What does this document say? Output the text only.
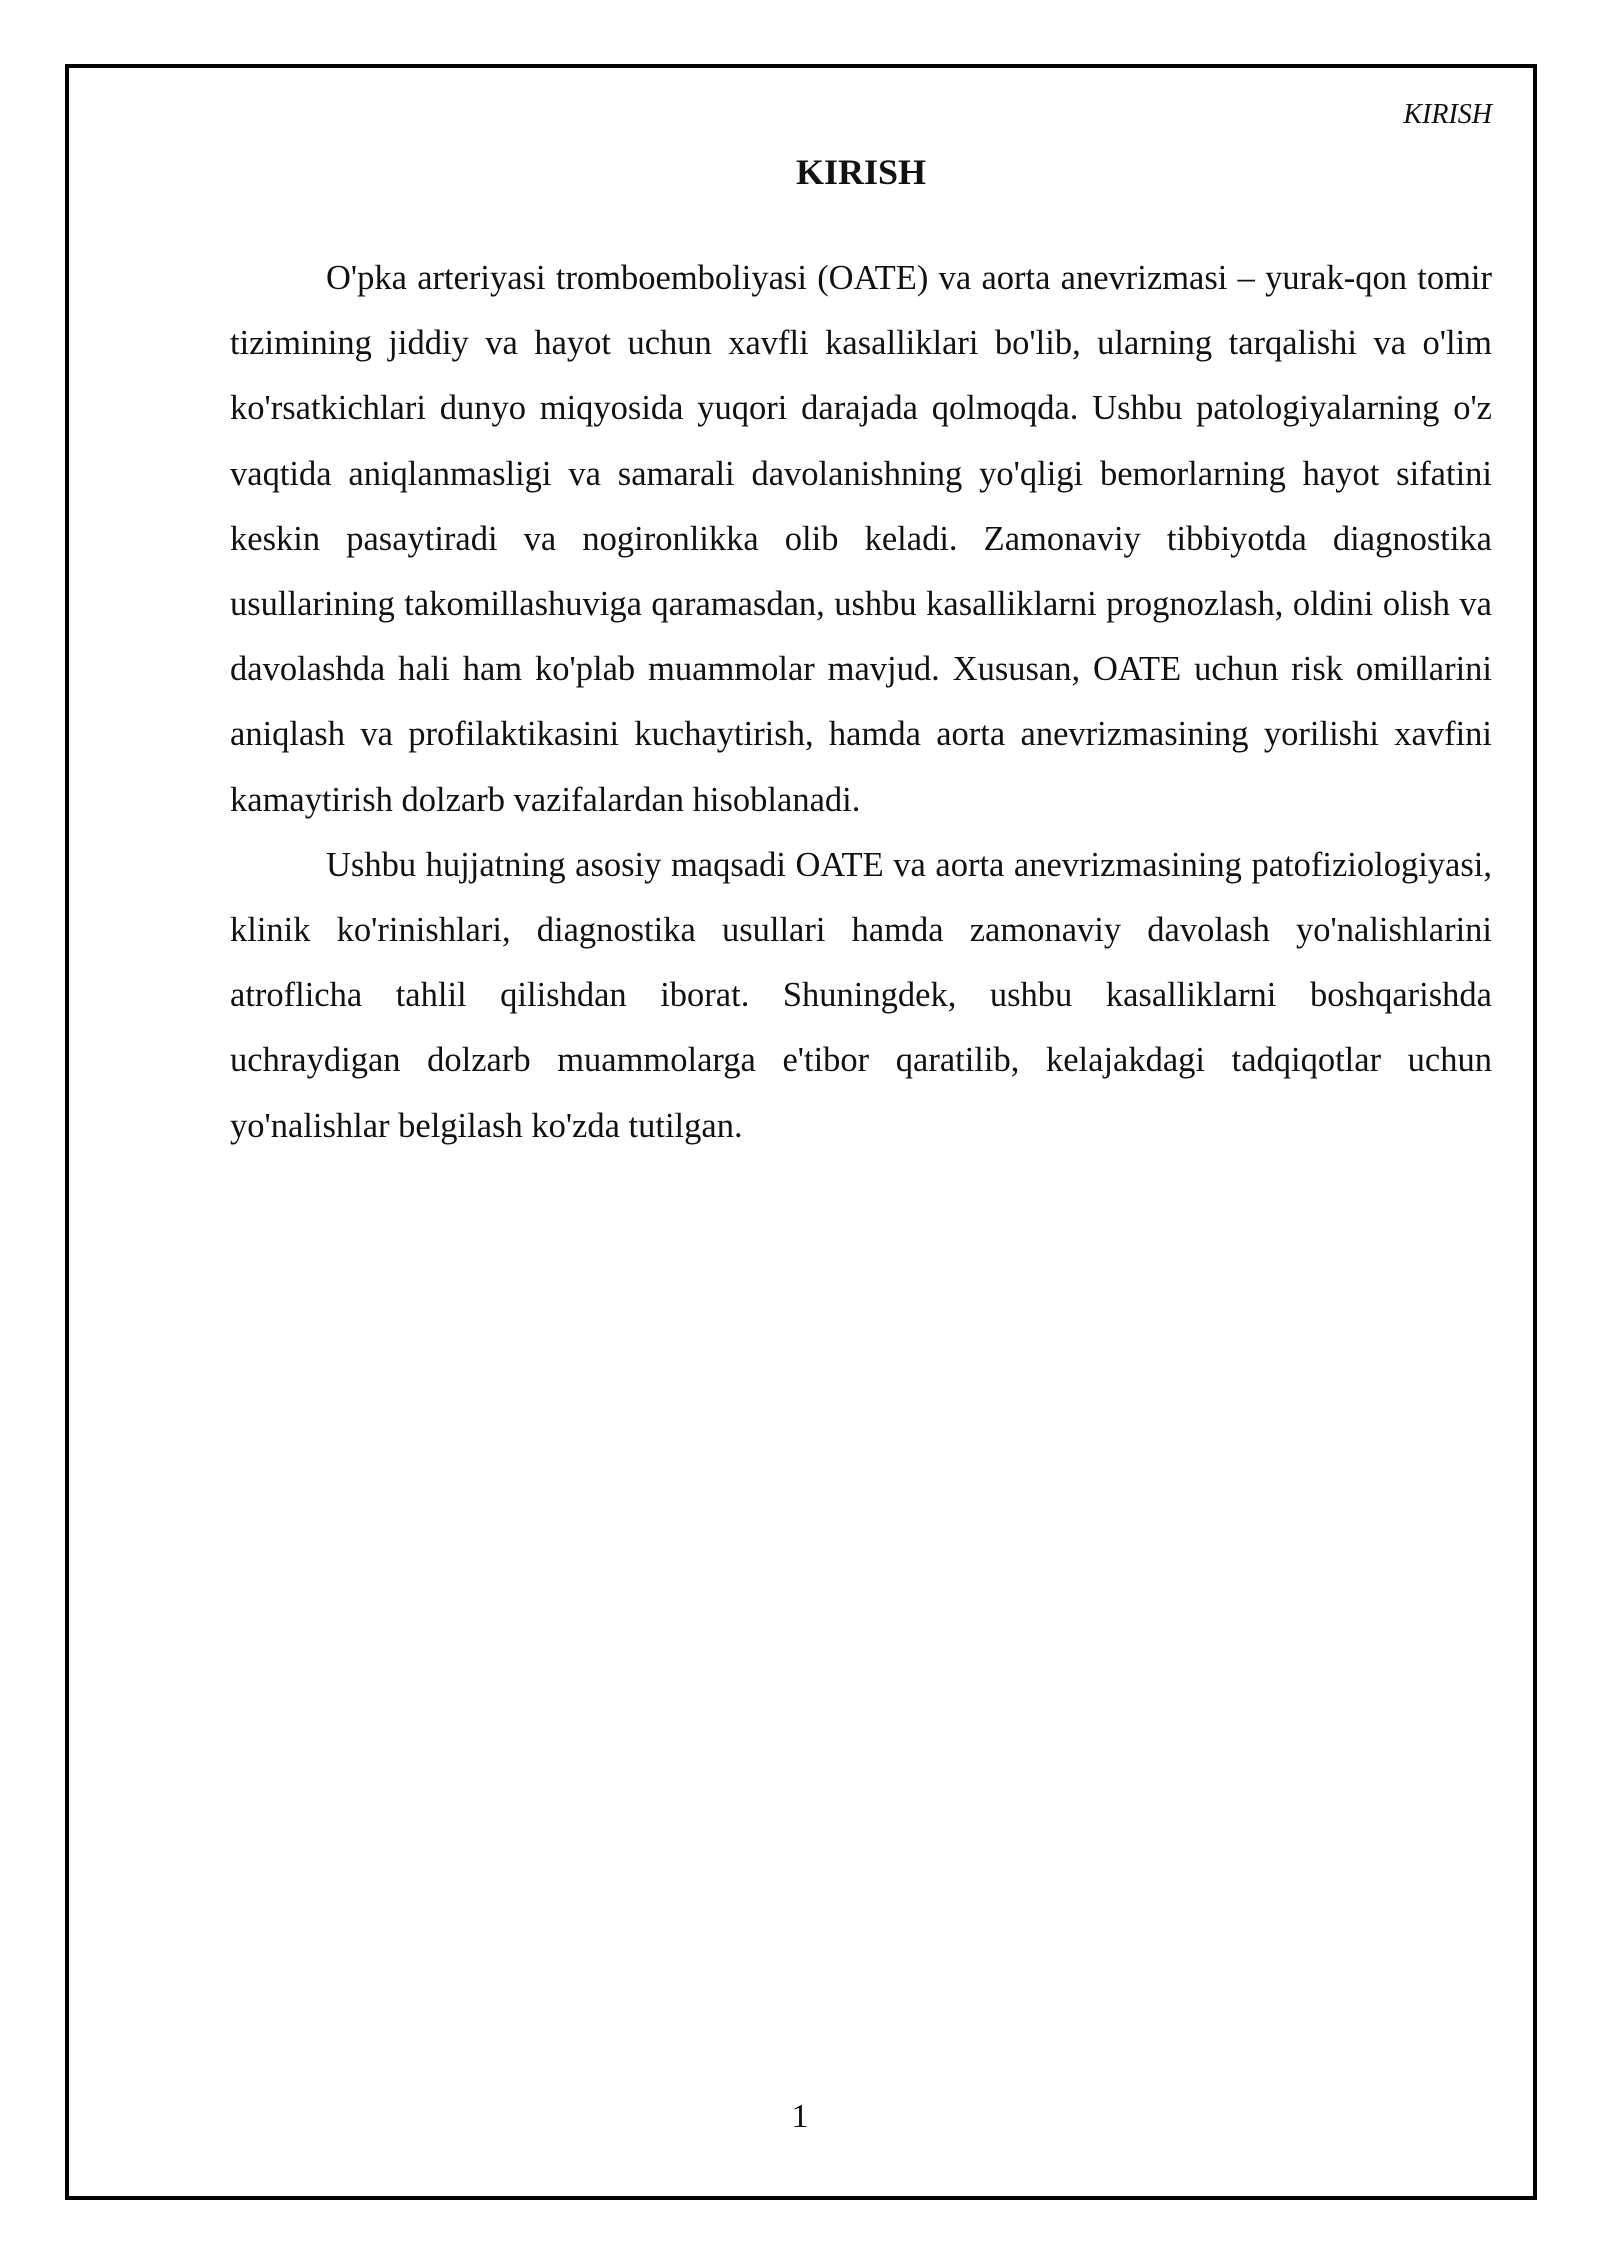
KIRISH
KIRISH

O'pka arteriyasi tromboemboliyasi (OATE) va aorta anevrizmasi – yurak-qon tomir tizimining jiddiy va hayot uchun xavfli kasalliklari bo'lib, ularning tarqalishi va o'lim ko'rsatkichlari dunyo miqyosida yuqori darajada qolmoqda. Ushbu patologiyalarning o'z vaqtida aniqlanmasligi va samarali davolanishning yo'qligi bemorlarning hayot sifatini keskin pasaytiradi va nogironlikka olib keladi. Zamonaviy tibbiyotda diagnostika usullarining takomillashuviga qaramasdan, ushbu kasalliklarni prognozlash, oldini olish va davolashda hali ham ko'plab muammolar mavjud. Xususan, OATE uchun risk omillarini aniqlash va profilaktikasini kuchaytirish, hamda aorta anevrizmasining yorilishi xavfini kamaytirish dolzarb vazifalardan hisoblanadi.

Ushbu hujjatning asosiy maqsadi OATE va aorta anevrizmasining patofiziologiyasi, klinik ko'rinishlari, diagnostika usullari hamda zamonaviy davolash yo'nalishlarini atroflicha tahlil qilishdan iborat. Shuningdek, ushbu kasalliklarni boshqarishda uchraydigan dolzarb muammolarga e'tibor qaratilib, kelajakdagi tadqiqotlar uchun yo'nalishlar belgilash ko'zda tutilgan.

1
